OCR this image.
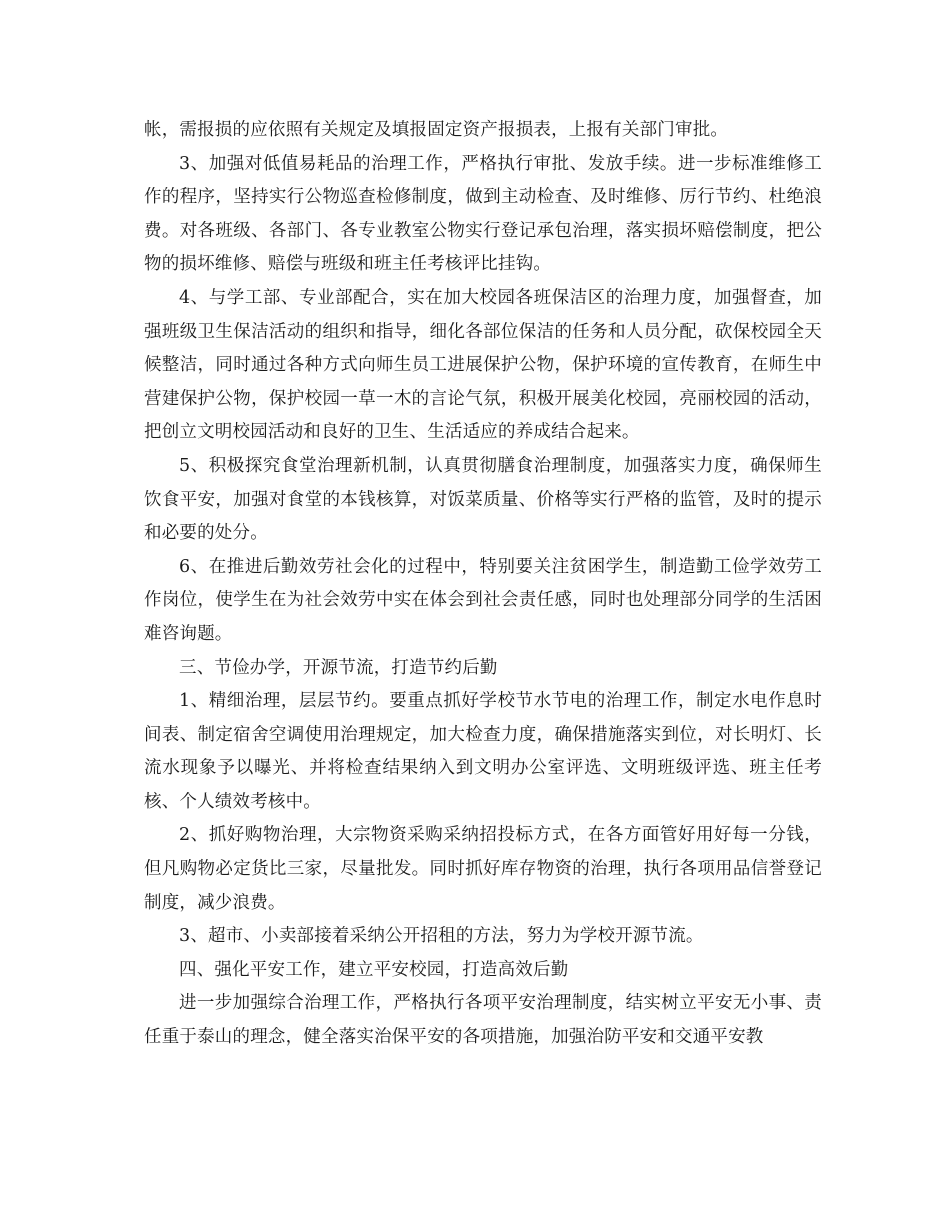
帐，需报损的应依照有关规定及填报固定资产报损表，上报有关部门审批。

3、加强对低值易耗品的治理工作，严格执行审批、发放手续。进一步标准维修工作的程序，坚持实行公物巡查检修制度，做到主动检查、及时维修、厉行节约、杜绝浪费。对各班级、各部门、各专业教室公物实行登记承包治理，落实损坏赔偿制度，把公物的损坏维修、赔偿与班级和班主任考核评比挂钩。

4、与学工部、专业部配合，实在加大校园各班保洁区的治理力度，加强督查，加强班级卫生保洁活动的组织和指导，细化各部位保洁的任务和人员分配，砍保校园全天候整洁，同时通过各种方式向师生员工进展保护公物，保护环境的宣传教育，在师生中营建保护公物，保护校园一草一木的言论气氛，积极开展美化校园，亮丽校园的活动，把创立文明校园活动和良好的卫生、生活适应的养成结合起来。

5、积极探究食堂治理新机制，认真贯彻膳食治理制度，加强落实力度，确保师生饮食平安，加强对食堂的本钱核算，对饭菜质量、价格等实行严格的监管，及时的提示和必要的处分。

6、在推进后勤效劳社会化的过程中，特别要关注贫困学生，制造勤工俭学效劳工作岗位，使学生在为社会效劳中实在体会到社会责任感，同时也处理部分同学的生活困难咨询题。

三、节俭办学，开源节流，打造节约后勤

1、精细治理，层层节约。要重点抓好学校节水节电的治理工作，制定水电作息时间表、制定宿舍空调使用治理规定，加大检查力度，确保措施落实到位，对长明灯、长流水现象予以曝光、并将检查结果纳入到文明办公室评选、文明班级评选、班主任考核、个人绩效考核中。

2、抓好购物治理，大宗物资采购采纳招投标方式，在各方面管好用好每一分钱，但凡购物必定货比三家，尽量批发。同时抓好库存物资的治理，执行各项用品信誉登记制度，减少浪费。

3、超市、小卖部接着采纳公开招租的方法，努力为学校开源节流。

四、强化平安工作，建立平安校园，打造高效后勤

进一步加强综合治理工作，严格执行各项平安治理制度，结实树立平安无小事、责任重于泰山的理念，健全落实治保平安的各项措施，加强治防平安和交通平安教
